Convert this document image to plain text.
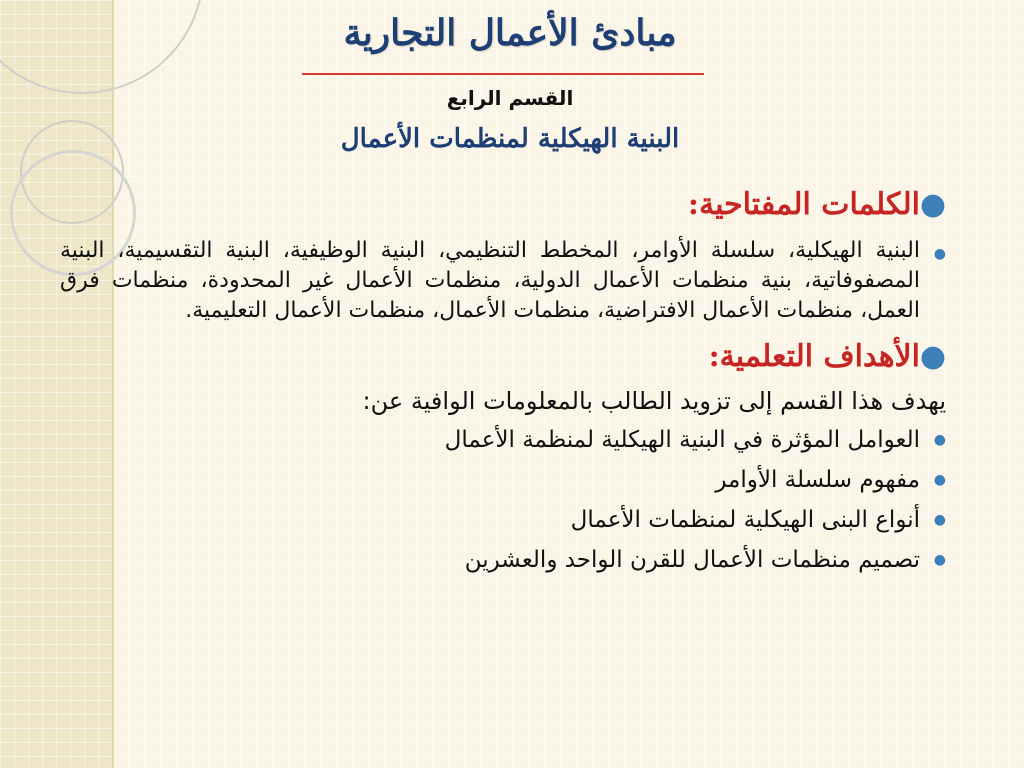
مبادئ الأعمال التجارية
القسم الرابع
البنية الهيكلية لمنظمات الأعمال
●
الكلمات المفتاحية:
●
البنية الهيكلية، سلسلة الأوامر، المخطط التنظيمي، البنية الوظيفية، البنية التقسيمية، البنية المصفوفاتية، بنية منظمات الأعمال الدولية، منظمات الأعمال غير المحدودة، منظمات فرق العمل، منظمات الأعمال الافتراضية، منظمات الأعمال، منظمات الأعمال التعليمية.
●
الأهداف التعلمية:
يهدف هذا القسم إلى تزويد الطالب بالمعلومات الوافية عن:
●
العوامل المؤثرة في البنية الهيكلية لمنظمة الأعمال
●
مفهوم سلسلة الأوامر
●
أنواع البنى الهيكلية لمنظمات الأعمال
●
تصميم منظمات الأعمال للقرن الواحد والعشرين
